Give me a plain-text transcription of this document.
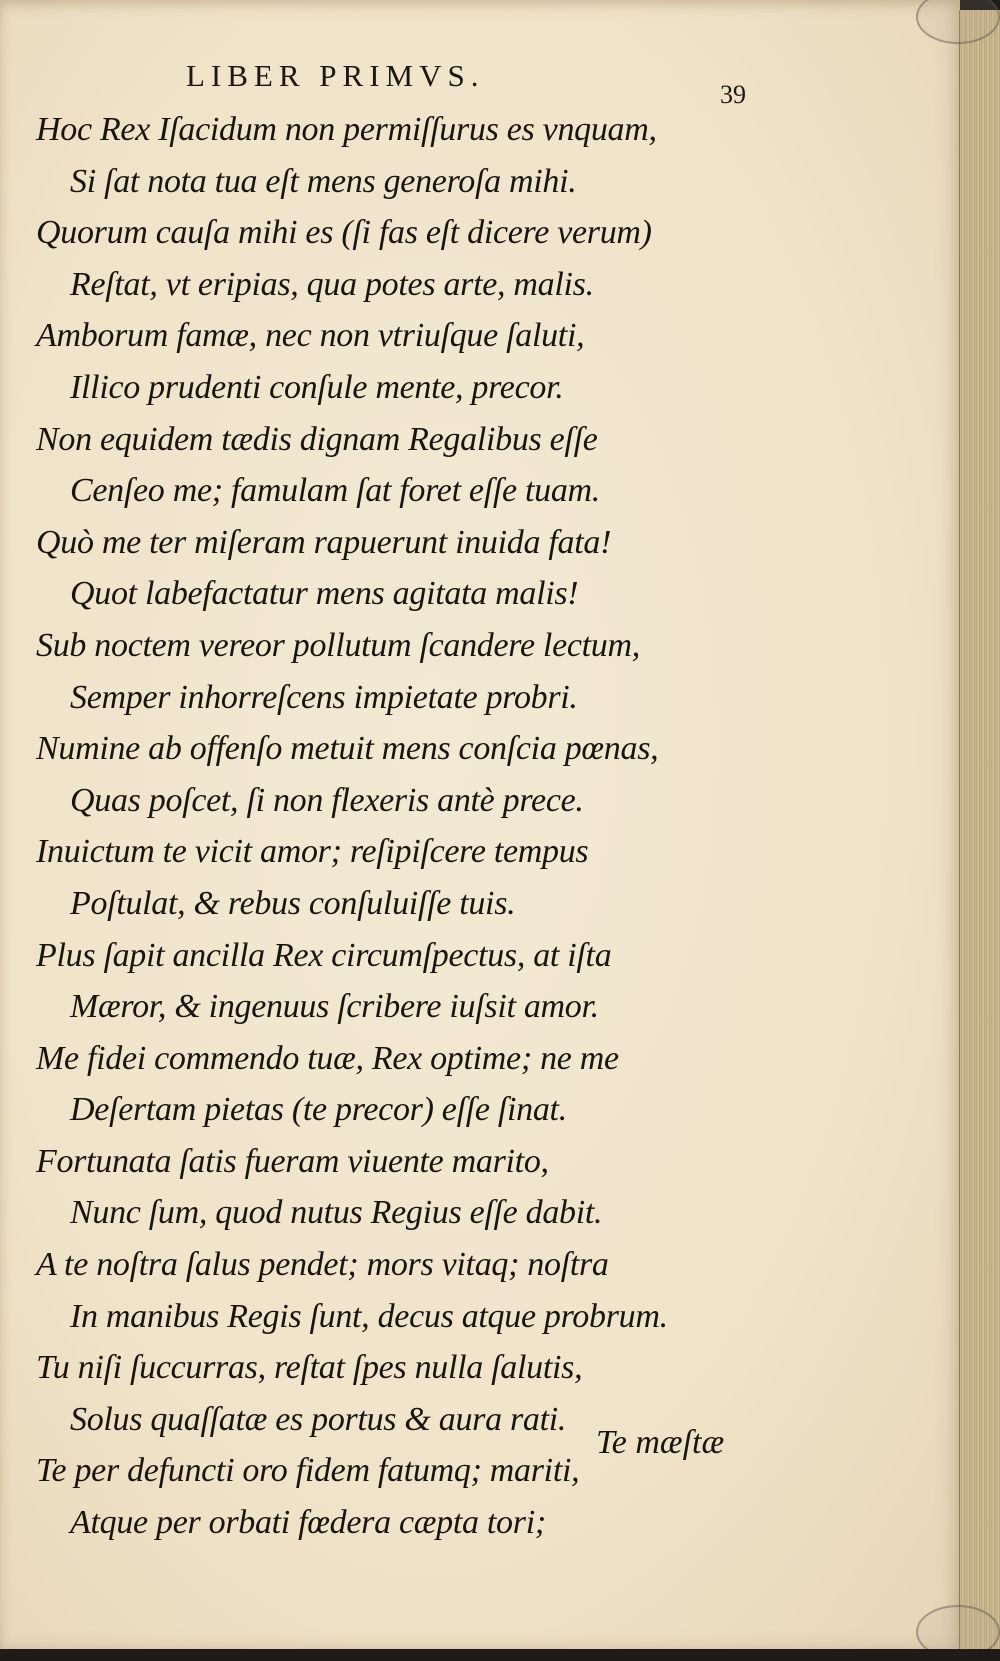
LIBER PRIMVS.
39
Hoc Rex Iſacidum non permiſſurus es vnquam,
Si ſat nota tua eſt mens generoſa mihi.
Quorum cauſa mihi es (ſi fas eſt dicere verum)
Reſtat, vt eripias, qua potes arte, malis.
Amborum famæ, nec non vtriuſque ſaluti,
Illico prudenti conſule mente, precor.
Non equidem tædis dignam Regalibus eſſe
Cenſeo me; famulam ſat foret eſſe tuam.
Quò me ter miſeram rapuerunt inuida fata!
Quot labefactatur mens agitata malis!
Sub noctem vereor pollutum ſcandere lectum,
Semper inhorreſcens impietate probri.
Numine ab offenſo metuit mens conſcia pœnas,
Quas poſcet, ſi non flexeris antè prece.
Inuictum te vicit amor; reſipiſcere tempus
Poſtulat, & rebus conſuluiſſe tuis.
Plus ſapit ancilla Rex circumſpectus, at iſta
Mæror, & ingenuus ſcribere iuſsit amor.
Me fidei commendo tuæ, Rex optime; ne me
Deſertam pietas (te precor) eſſe ſinat.
Fortunata ſatis fueram viuente marito,
Nunc ſum, quod nutus Regius eſſe dabit.
A te noſtra ſalus pendet; mors vitaq; noſtra
In manibus Regis ſunt, decus atque probrum.
Tu niſi ſuccurras, reſtat ſpes nulla ſalutis,
Solus quaſſatæ es portus & aura rati.
Te per defuncti oro fidem fatumq; mariti,
Atque per orbati fœdera cæpta tori;
Te mæſtæ
